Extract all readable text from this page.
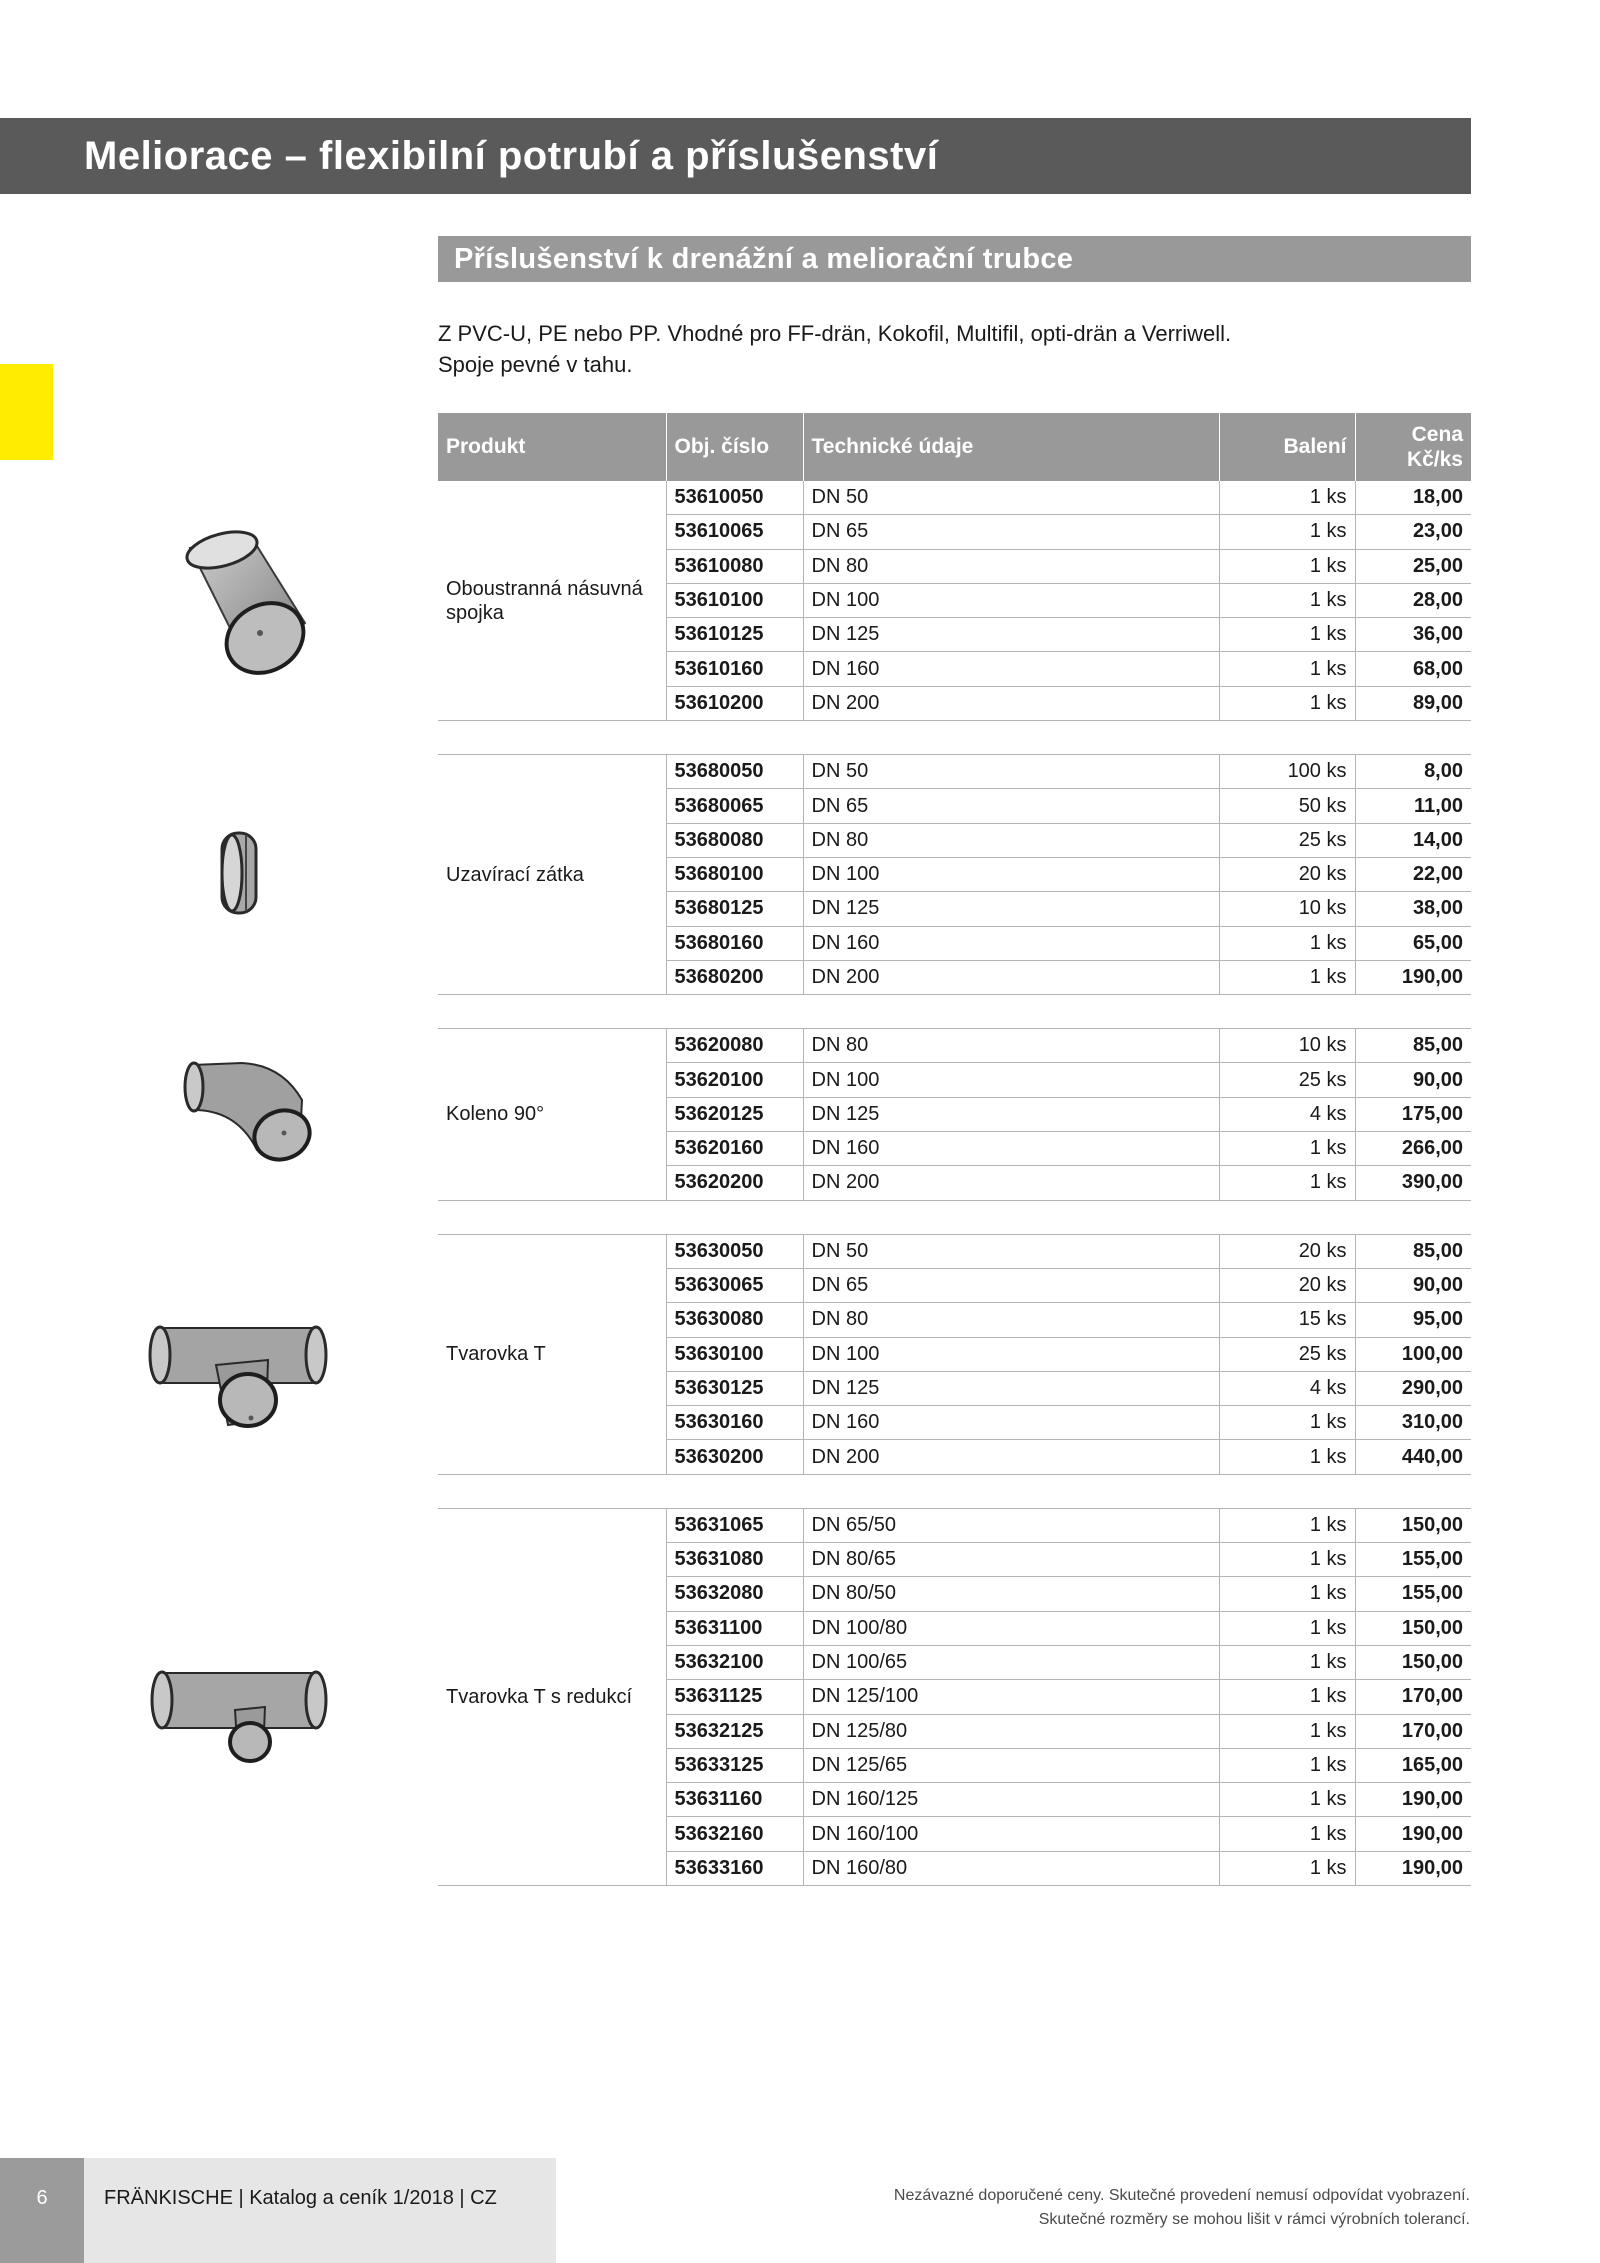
Meliorace – flexibilní potrubí a příslušenství
Příslušenství k drenážní a meliorační trubce
Z PVC-U, PE nebo PP. Vhodné pro FF-drän, Kokofil, Multifil, opti-drän a Verriwell.
Spoje pevné v tahu.
Produkt	Obj. číslo	Technické údaje	Balení	Cena
Kč/ks

Oboustranná násuvná spojka	53610050	DN 50	1 ks	18,00
	53610065	DN 65	1 ks	23,00
	53610080	DN 80	1 ks	25,00
	53610100	DN 100	1 ks	28,00
	53610125	DN 125	1 ks	36,00
	53610160	DN 160	1 ks	68,00
	53610200	DN 200	1 ks	89,00

Uzavírací zátka	53680050	DN 50	100 ks	8,00
	53680065	DN 65	50 ks	11,00
	53680080	DN 80	25 ks	14,00
	53680100	DN 100	20 ks	22,00
	53680125	DN 125	10 ks	38,00
	53680160	DN 160	1 ks	65,00
	53680200	DN 200	1 ks	190,00

Koleno 90°	53620080	DN 80	10 ks	85,00
	53620100	DN 100	25 ks	90,00
	53620125	DN 125	4 ks	175,00
	53620160	DN 160	1 ks	266,00
	53620200	DN 200	1 ks	390,00

Tvarovka T	53630050	DN 50	20 ks	85,00
	53630065	DN 65	20 ks	90,00
	53630080	DN 80	15 ks	95,00
	53630100	DN 100	25 ks	100,00
	53630125	DN 125	4 ks	290,00
	53630160	DN 160	1 ks	310,00
	53630200	DN 200	1 ks	440,00

Tvarovka T s redukcí	53631065	DN 65/50	1 ks	150,00
	53631080	DN 80/65	1 ks	155,00
	53632080	DN 80/50	1 ks	155,00
	53631100	DN 100/80	1 ks	150,00
	53632100	DN 100/65	1 ks	150,00
	53631125	DN 125/100	1 ks	170,00
	53632125	DN 125/80	1 ks	170,00
	53633125	DN 125/65	1 ks	165,00
	53631160	DN 160/125	1 ks	190,00
	53632160	DN 160/100	1 ks	190,00
	53633160	DN 160/80	1 ks	190,00
6	FRÄNKISCHE | Katalog a ceník 1/2018 | CZ	Nezávazné doporučené ceny. Skutečné provedení nemusí odpovídat vyobrazení.
Skutečné rozměry se mohou lišit v rámci výrobních tolerancí.
